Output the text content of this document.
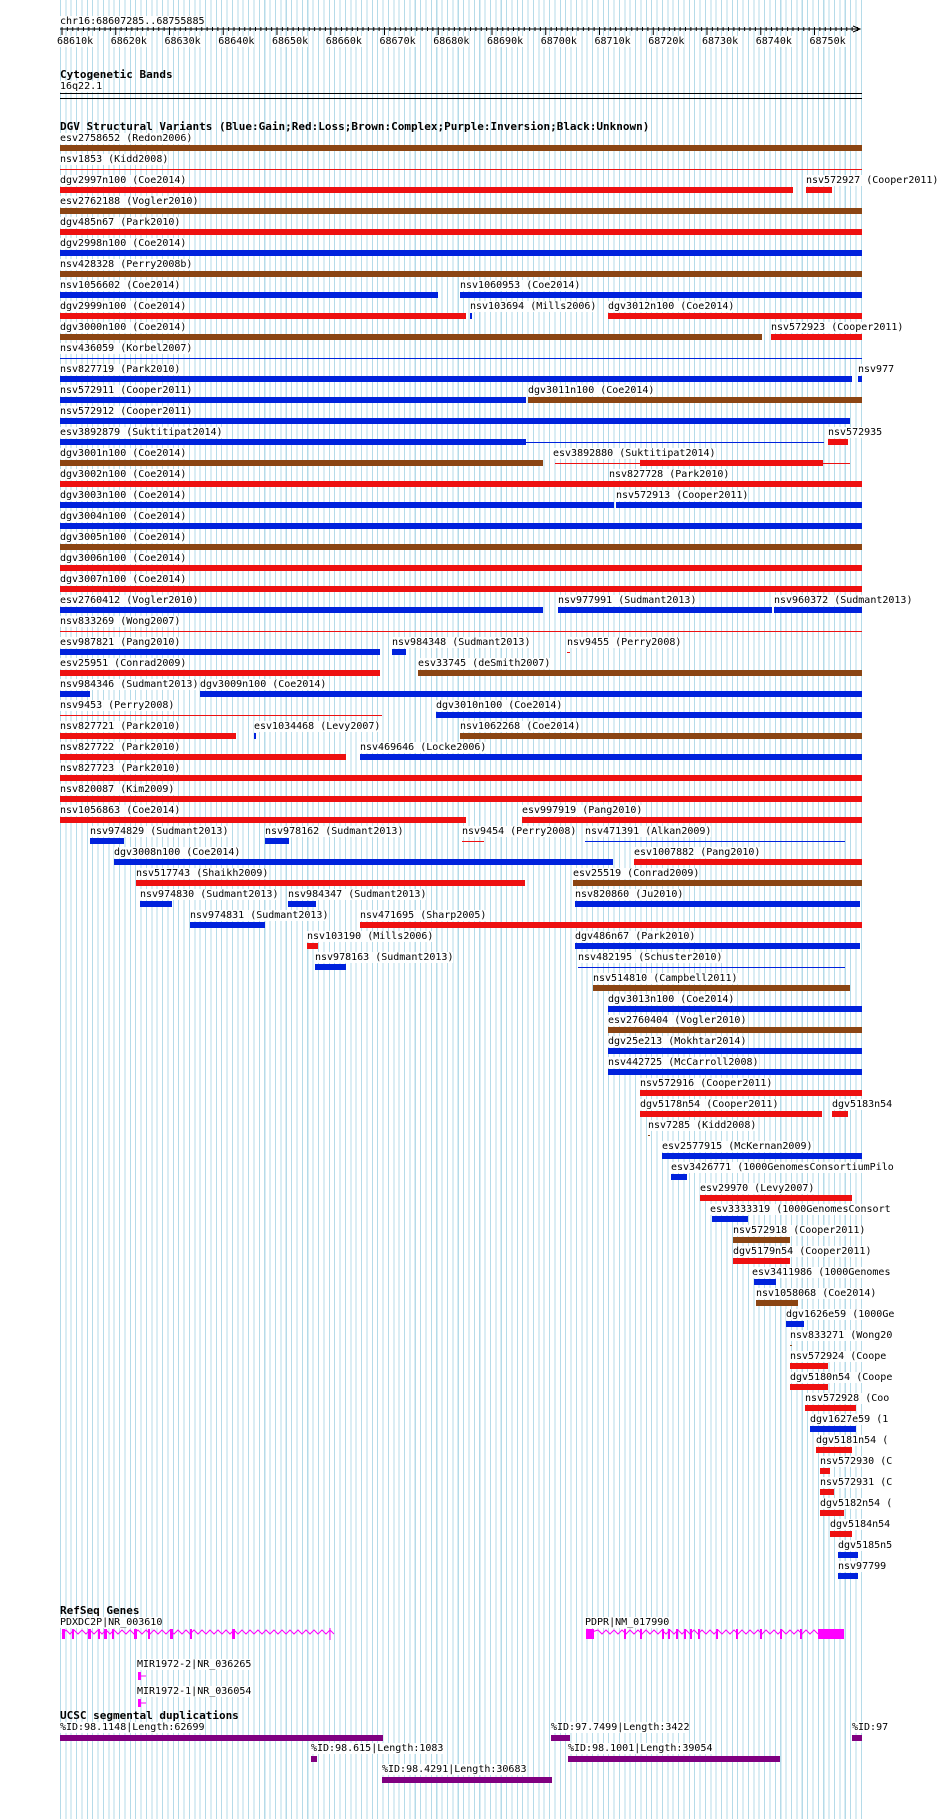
chr16:68607285..68755885
68610k 68620k 68630k 68640k 68650k 68660k 68670k 68680k 68690k 68700k 68710k 68720k 68730k 68740k 68750k
Cytogenetic Bands
16q22.1
DGV Structural Variants (Blue:Gain;Red:Loss;Brown:Complex;Purple:Inversion;Black:Unknown)
esv2758652 (Redon2006)
nsv1853 (Kidd2008)
dgv2997n100 (Coe2014)	nsv572927 (Cooper2011)
esv2762188 (Vogler2010)
dgv485n67 (Park2010)
dgv2998n100 (Coe2014)
nsv428328 (Perry2008b)
nsv1056602 (Coe2014)	nsv1060953 (Coe2014)
dgv2999n100 (Coe2014)	nsv103694 (Mills2006) dgv3012n100 (Coe2014)
dgv3000n100 (Coe2014)	nsv572923 (Cooper2011)
nsv436059 (Korbel2007)
nsv827719 (Park2010)	nsv977
nsv572911 (Cooper2011)	dgv3011n100 (Coe2014)
nsv572912 (Cooper2011)
esv3892879 (Suktitipat2014)	nsv572935
dgv3001n100 (Coe2014)	esv3892880 (Suktitipat2014)
dgv3002n100 (Coe2014)	nsv827728 (Park2010)
dgv3003n100 (Coe2014)	nsv572913 (Cooper2011)
dgv3004n100 (Coe2014)
dgv3005n100 (Coe2014)
dgv3006n100 (Coe2014)
dgv3007n100 (Coe2014)
esv2760412 (Vogler2010)	nsv977991 (Sudmant2013)	nsv960372 (Sudmant2013)
nsv833269 (Wong2007)
esv987821 (Pang2010)	nsv984348 (Sudmant2013)	nsv9455 (Perry2008)
esv25951 (Conrad2009)	esv33745 (deSmith2007)
nsv984346 (Sudmant2013) dgv3009n100 (Coe2014)
nsv9453 (Perry2008)	dgv3010n100 (Coe2014)
nsv827721 (Park2010)	esv1034468 (Levy2007)	nsv1062268 (Coe2014)
nsv827722 (Park2010)	nsv469646 (Locke2006)
nsv827723 (Park2010)
nsv820087 (Kim2009)
nsv1056863 (Coe2014)	esv997919 (Pang2010)
nsv974829 (Sudmant2013)	nsv978162 (Sudmant2013)	nsv9454 (Perry2008) nsv471391 (Alkan2009)
dgv3008n100 (Coe2014)	esv1007882 (Pang2010)
nsv517743 (Shaikh2009)	esv25519 (Conrad2009)
nsv974830 (Sudmant2013) nsv984347 (Sudmant2013)	nsv820860 (Ju2010)
nsv974831 (Sudmant2013)	nsv471695 (Sharp2005)
nsv103190 (Mills2006)	dgv486n67 (Park2010)
nsv978163 (Sudmant2013)	nsv482195 (Schuster2010)
nsv514810 (Campbell2011)
dgv3013n100 (Coe2014)
esv2760404 (Vogler2010)
dgv25e213 (Mokhtar2014)
nsv442725 (McCarroll2008)
nsv572916 (Cooper2011)
dgv5178n54 (Cooper2011)	dgv5183n54
nsv7285 (Kidd2008)
esv2577915 (McKernan2009)
esv3426771 (1000GenomesConsortiumPilo
esv29970 (Levy2007)
esv3333319 (1000GenomesConsort
nsv572918 (Cooper2011)
dgv5179n54 (Cooper2011)
esv3411986 (1000Genomes
nsv1058068 (Coe2014)
dgv1626e59 (1000Ge
nsv833271 (Wong20
nsv572924 (Coope
dgv5180n54 (Coope
nsv572928 (Coo
dgv1627e59 (1
dgv5181n54 (
nsv572930 (C
nsv572931 (C
dgv5182n54 (
dgv5184n54
dgv5185n5
nsv97799
RefSeq Genes
PDXDC2P|NR_003610	PDPR|NM_017990
MIR1972-2|NR_036265
MIR1972-1|NR_036054
UCSC segmental duplications
%ID:98.1148|Length:62699	%ID:97.7499|Length:3422	%ID:97
%ID:98.615|Length:1083	%ID:98.1001|Length:39054
%ID:98.4291|Length:30683
